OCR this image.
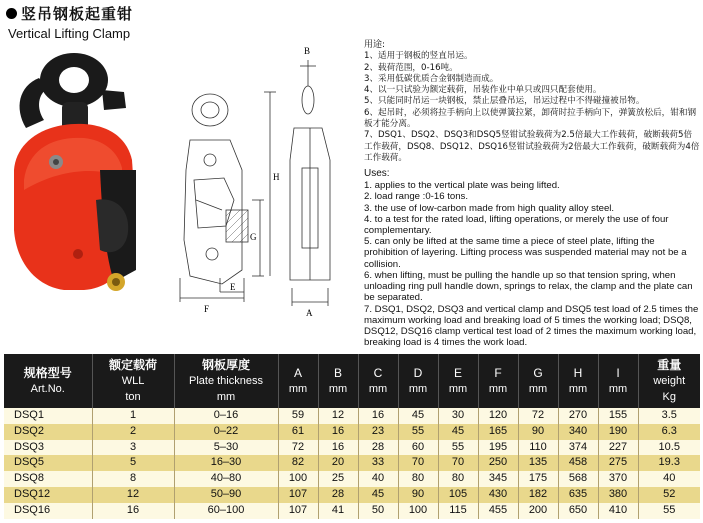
竖吊钢板起重钳
Vertical Lifting Clamp
B
H
G
F
E
A
用途:
1、适用于钢板的竖直吊运。
2、载荷范围，0-16吨。
3、采用低碳优质合金钢制造而成。
4、以一只试验为额定载荷，吊装作业中单只或四只配套使用。
5、只能同时吊运一块钢板，禁止层叠吊运，吊运过程中不得碰撞被吊物。
6、起吊时，必须将拉手柄向上以使弹簧拉紧，卸荷时拉手柄向下，弹簧放松后，钳和钢板才能分离。
7、DSQ1、DSQ2、DSQ3和DSQ5竖钳试验载荷为2.5倍最大工作载荷，破断载荷5倍工作载荷，DSQ8、DSQ12、DSQ16竖钳试验载荷为2倍最大工作载荷，破断载荷为4倍工作载荷。
Uses:
1. applies to the vertical plate was being lifted.
2. load range :0-16 tons.
3. the use of low-carbon made from high quality alloy steel.
4. to a test for the rated load, lifting operations, or merely the use of four complementary.
5. can only be lifted at the same time a piece of steel plate, lifting the prohibition of layering. Lifting process was suspended material may not be a collision.
6. when lifting, must be pulling the handle up so that tension spring, when unloading ring pull handle down, springs to relax, the clamp and the plate can be separated.
7. DSQ1, DSQ2, DSQ3 and vertical clamp and DSQ5 test load of 2.5 times the maximum working load and breaking load of 5 times the working load; DSQ8, DSQ12, DSQ16 clamp vertical test load of 2 times the maximum working load, breaking load is 4 times the work load.
规格型号
Art.No.	额定载荷
WLL
ton	钢板厚度
Plate thickness
mm	A
mm	B
mm	C
mm	D
mm	E
mm	F
mm	G
mm	H
mm	I
mm	重量
weight
Kg

DSQ1	1	0–16	59	12	16	45	30	120	72	270	155	3.5
DSQ2	2	0–22	61	16	23	55	45	165	90	340	190	6.3
DSQ3	3	5–30	72	16	28	60	55	195	110	374	227	10.5
DSQ5	5	16–30	82	20	33	70	70	250	135	458	275	19.3
DSQ8	8	40–80	100	25	40	80	80	345	175	568	370	40
DSQ12	12	50–90	107	28	45	90	105	430	182	635	380	52
DSQ16	16	60–100	107	41	50	100	115	455	200	650	410	55
